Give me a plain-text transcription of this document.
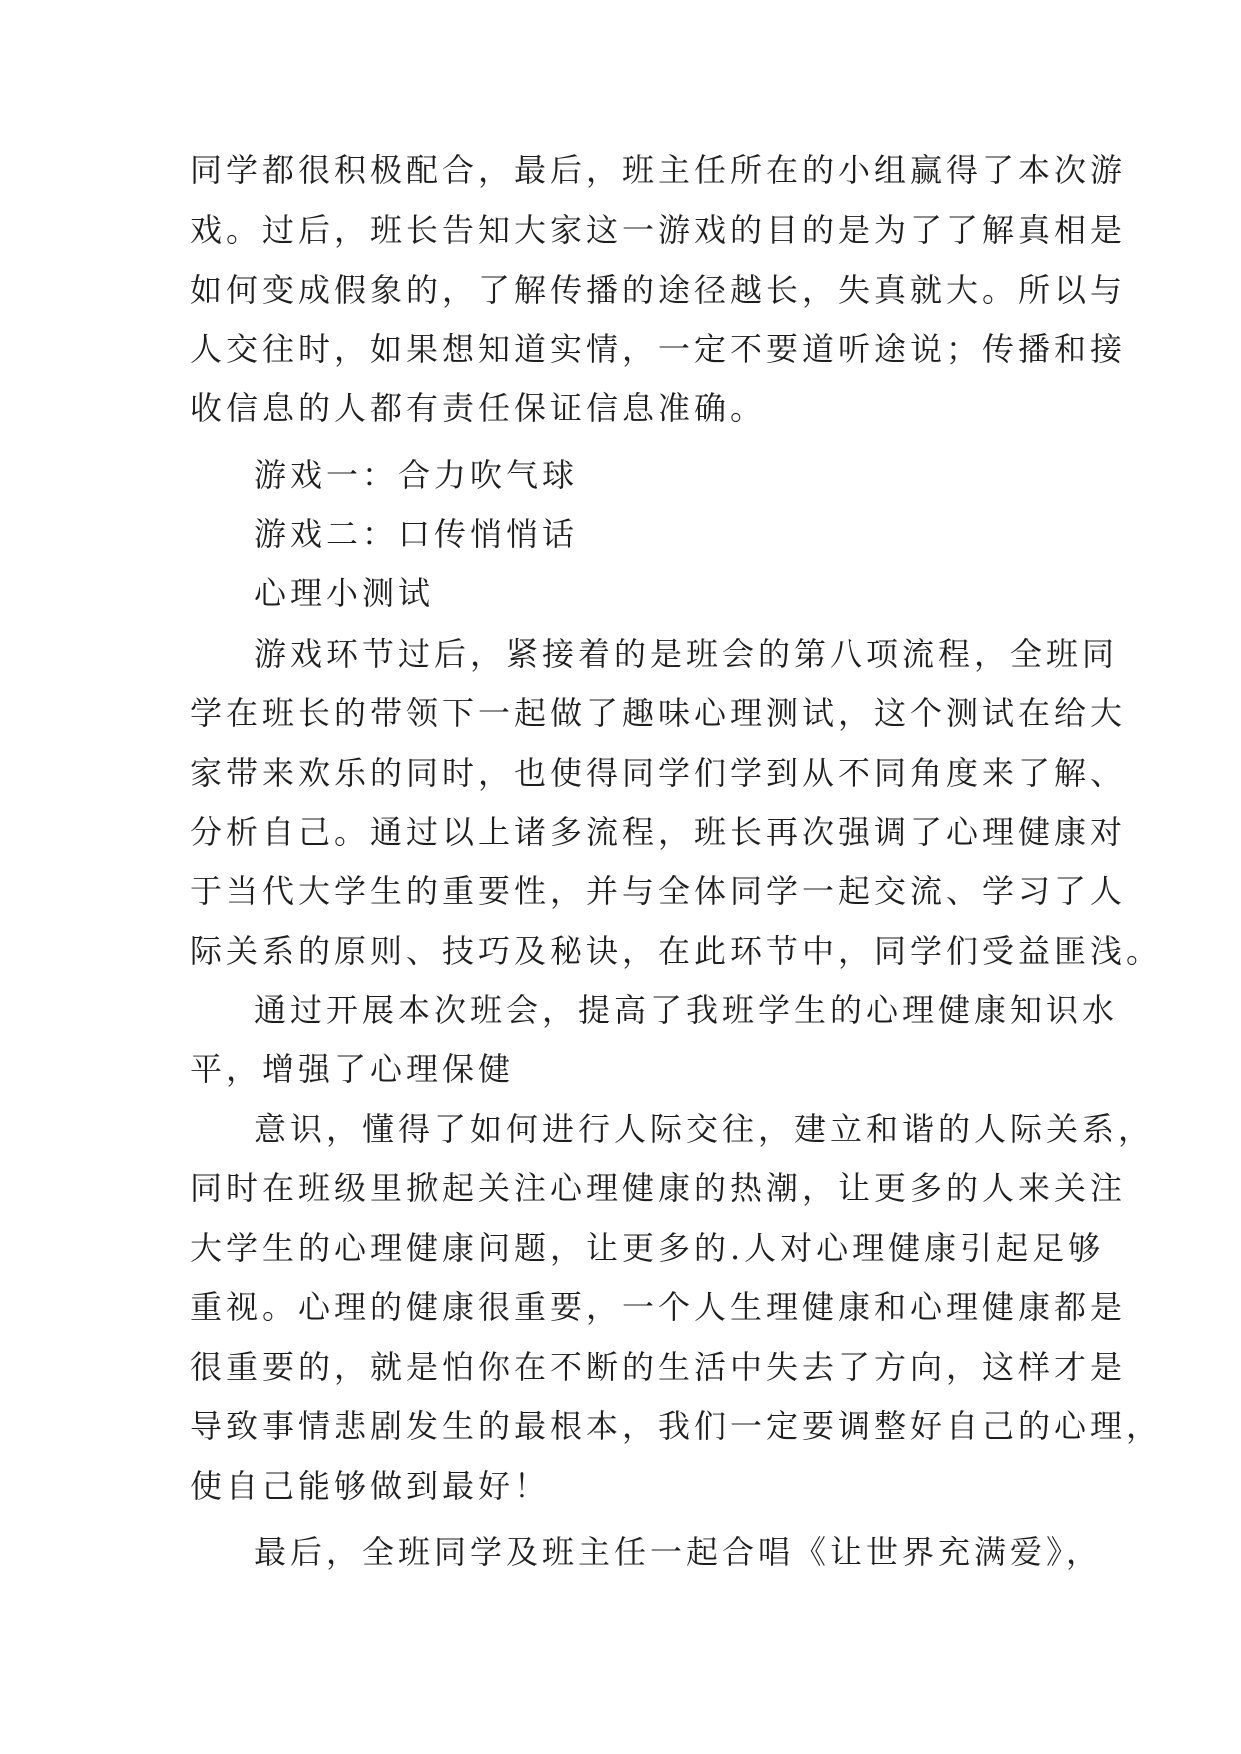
同学都很积极配合，最后，班主任所在的小组赢得了本次游
戏。过后，班长告知大家这一游戏的目的是为了了解真相是
如何变成假象的，了解传播的途径越长，失真就大。所以与
人交往时，如果想知道实情，一定不要道听途说；传播和接
收信息的人都有责任保证信息准确。
游戏一：合力吹气球
游戏二：口传悄悄话
心理小测试
游戏环节过后，紧接着的是班会的第八项流程，全班同
学在班长的带领下一起做了趣味心理测试，这个测试在给大
家带来欢乐的同时，也使得同学们学到从不同角度来了解、
分析自己。通过以上诸多流程，班长再次强调了心理健康对
于当代大学生的重要性，并与全体同学一起交流、学习了人
际关系的原则、技巧及秘诀，在此环节中，同学们受益匪浅。
通过开展本次班会，提高了我班学生的心理健康知识水
平，增强了心理保健
意识，懂得了如何进行人际交往，建立和谐的人际关系，
同时在班级里掀起关注心理健康的热潮，让更多的人来关注
大学生的心理健康问题，让更多的.人对心理健康引起足够
重视。心理的健康很重要，一个人生理健康和心理健康都是
很重要的，就是怕你在不断的生活中失去了方向，这样才是
导致事情悲剧发生的最根本，我们一定要调整好自己的心理，
使自己能够做到最好！
最后，全班同学及班主任一起合唱《让世界充满爱》，
